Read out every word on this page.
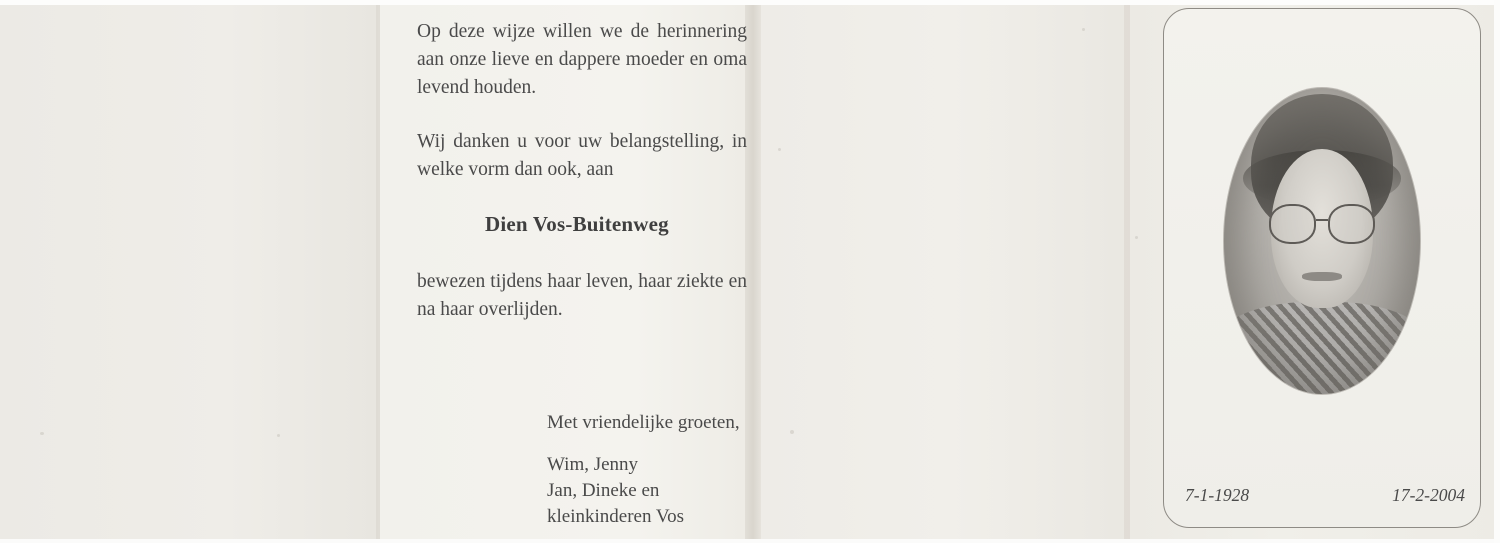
Op deze wijze willen we de herinnering aan onze lieve en dappere moeder en oma levend houden.

Wij danken u voor uw belangstelling, in welke vorm dan ook, aan

Dien Vos-Buitenweg

bewezen tijdens haar leven, haar ziekte en na haar overlijden.

Met vriendelijke groeten,

Wim, Jenny
Jan, Dineke en
kleinkinderen Vos
7-1-1928	17-2-2004
